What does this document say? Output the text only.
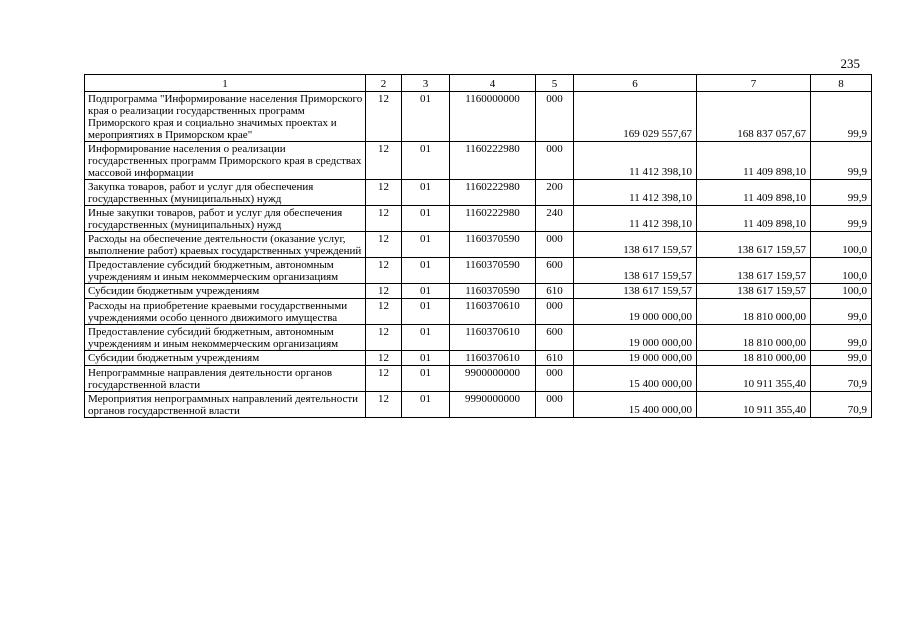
235
1	2	3	4	5	6	7	8
Подпрограмма "Информирование населения Приморского края о реализации государственных программ Приморского края и социально значимых проектах и мероприятиях в Приморском крае"	12	01	1160000000	000	169 029 557,67	168 837 057,67	99,9
Информирование населения о реализации государственных программ Приморского края в средствах массовой информации	12	01	1160222980	000	11 412 398,10	11 409 898,10	99,9
Закупка товаров, работ и услуг для обеспечения государственных (муниципальных) нужд	12	01	1160222980	200	11 412 398,10	11 409 898,10	99,9
Иные закупки товаров, работ и услуг для обеспечения государственных (муниципальных) нужд	12	01	1160222980	240	11 412 398,10	11 409 898,10	99,9
Расходы на обеспечение деятельности (оказание услуг, выполнение работ) краевых государственных учреждений	12	01	1160370590	000	138 617 159,57	138 617 159,57	100,0
Предоставление субсидий бюджетным, автономным учреждениям и иным некоммерческим организациям	12	01	1160370590	600	138 617 159,57	138 617 159,57	100,0
Субсидии бюджетным учреждениям	12	01	1160370590	610	138 617 159,57	138 617 159,57	100,0
Расходы на приобретение краевыми государственными учреждениями особо ценного движимого имущества	12	01	1160370610	000	19 000 000,00	18 810 000,00	99,0
Предоставление субсидий бюджетным, автономным учреждениям и иным некоммерческим организациям	12	01	1160370610	600	19 000 000,00	18 810 000,00	99,0
Субсидии бюджетным учреждениям	12	01	1160370610	610	19 000 000,00	18 810 000,00	99,0
Непрограммные направления деятельности органов государственной власти	12	01	9900000000	000	15 400 000,00	10 911 355,40	70,9
Мероприятия непрограммных направлений деятельности органов государственной власти	12	01	9990000000	000	15 400 000,00	10 911 355,40	70,9
